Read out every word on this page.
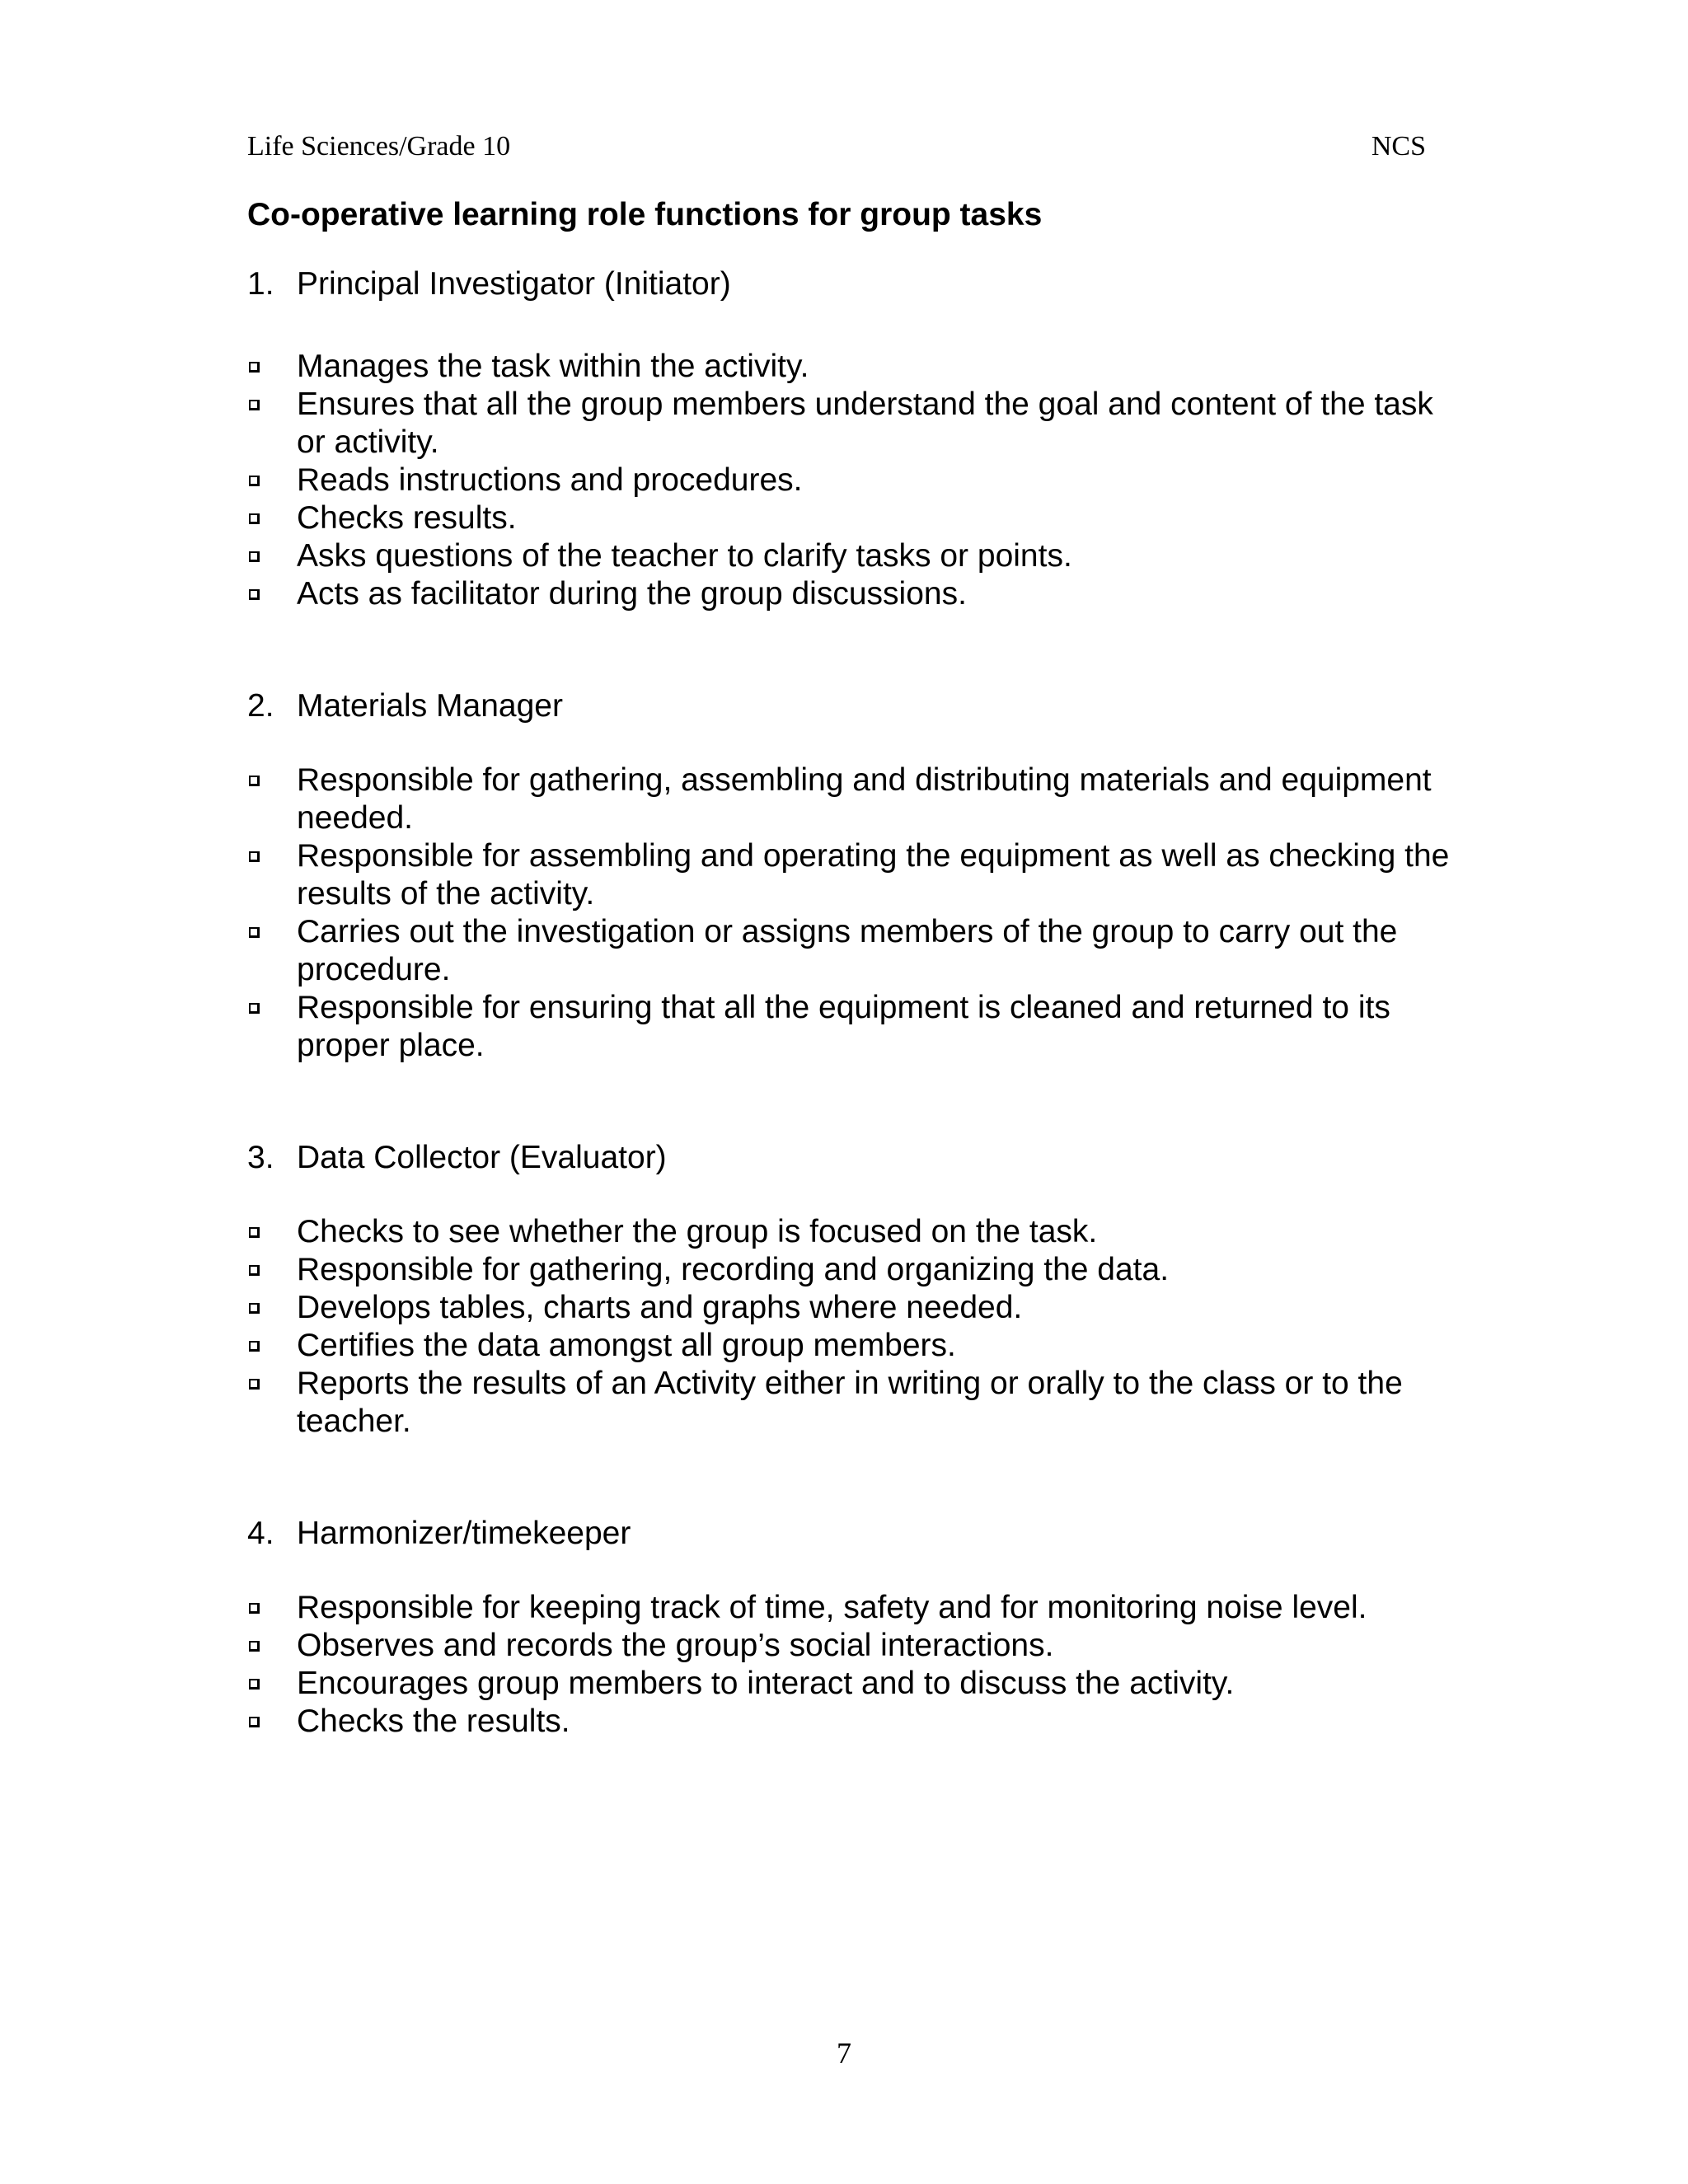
Life Sciences/Grade 10	NCS
Co-operative learning role functions for group tasks
1. Principal Investigator (Initiator)
Manages the task within the activity.
Ensures that all the group members understand the goal and content of the task or activity.
Reads instructions and procedures.
Checks results.
Asks questions of the teacher to clarify tasks or points.
Acts as facilitator during the group discussions.
2. Materials Manager
Responsible for gathering, assembling and distributing materials and equipment needed.
Responsible for assembling and operating the equipment as well as checking the results of the activity.
Carries out the investigation or assigns members of the group to carry out the procedure.
Responsible for ensuring that all the equipment is cleaned and returned to its proper place.
3. Data Collector (Evaluator)
Checks to see whether the group is focused on the task.
Responsible for gathering, recording and organizing the data.
Develops tables, charts and graphs where needed.
Certifies the data amongst all group members.
Reports the results of an Activity either in writing or orally to the class or to the teacher.
4. Harmonizer/timekeeper
Responsible for keeping track of time, safety and for monitoring noise level.
Observes and records the group’s social interactions.
Encourages group members to interact and to discuss the activity.
Checks the results.
7
